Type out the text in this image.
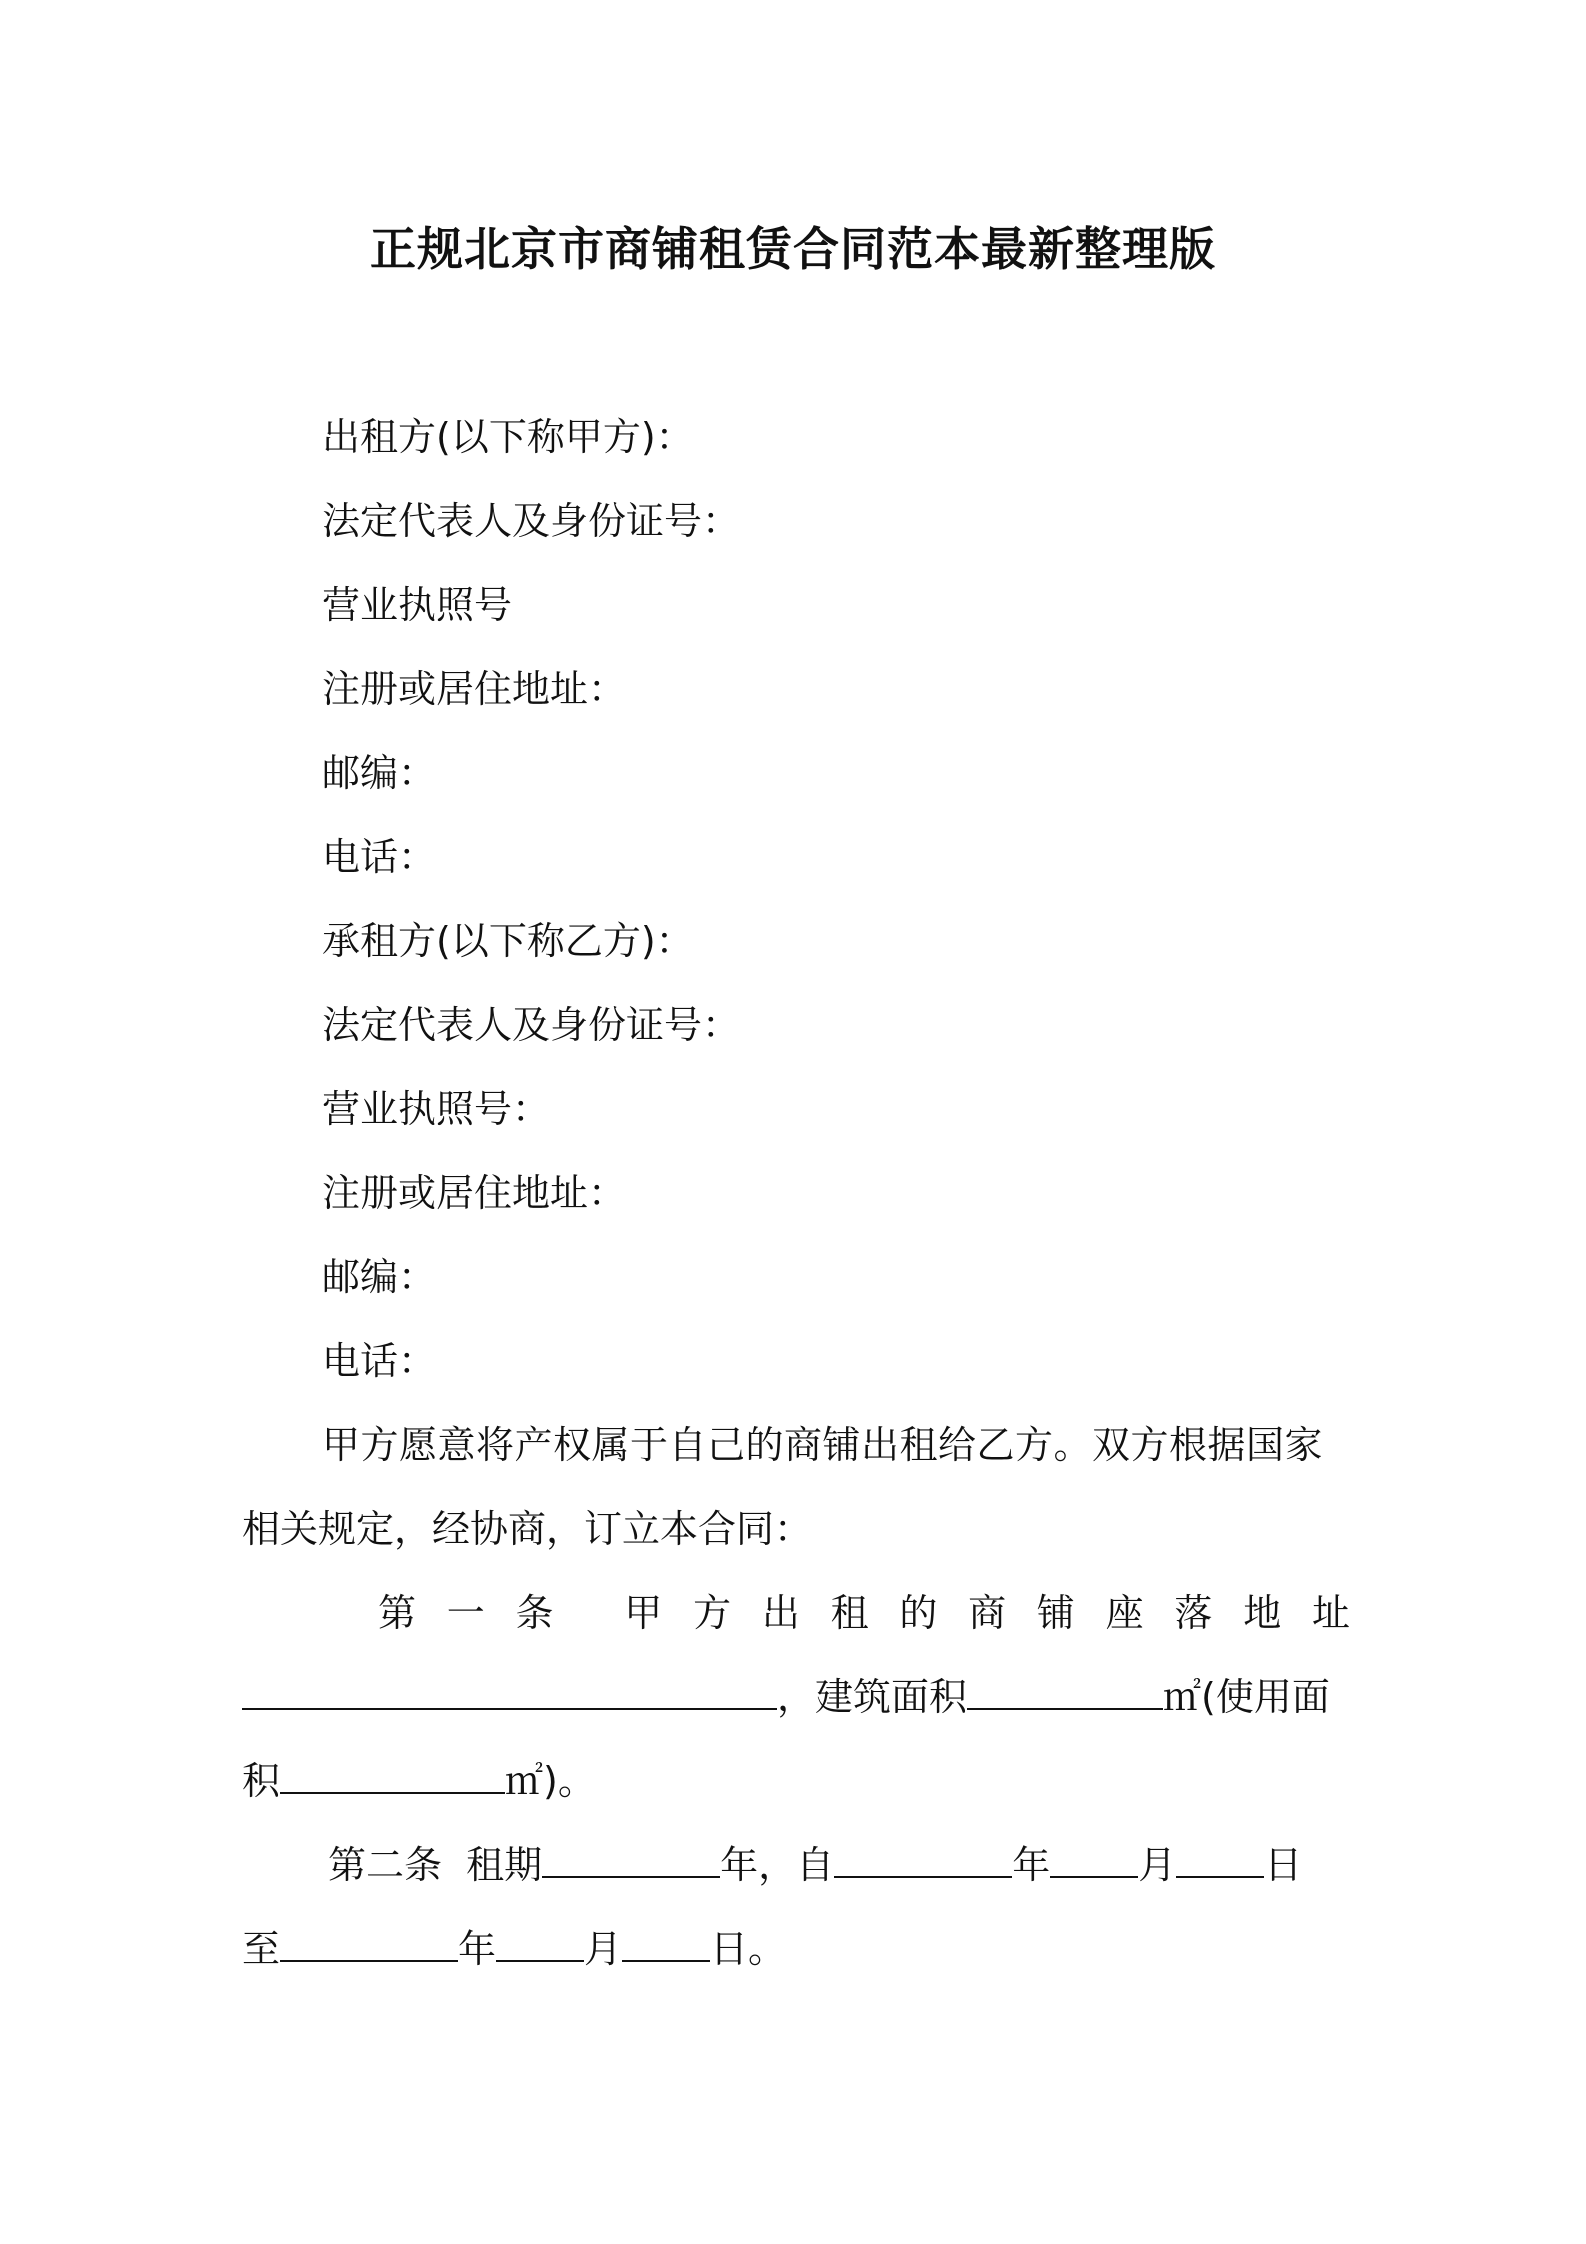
正规北京市商铺租赁合同范本最新整理版
出租方(以下称甲方)：
法定代表人及身份证号：
营业执照号
注册或居住地址：
邮编：
电话：
承租方(以下称乙方)：
法定代表人及身份证号：
营业执照号：
注册或居住地址：
邮编：
电话：
甲方愿意将产权属于自己的商铺出租给乙方。双方根据国家
相关规定，经协商，订立本合同：
第 一 条 甲 方 出 租 的 商 铺 座 落 地 址
，建筑面积	㎡(使用面
积	㎡)。
第二条  租期	年，自	年 月 日
至	年 月 日。
